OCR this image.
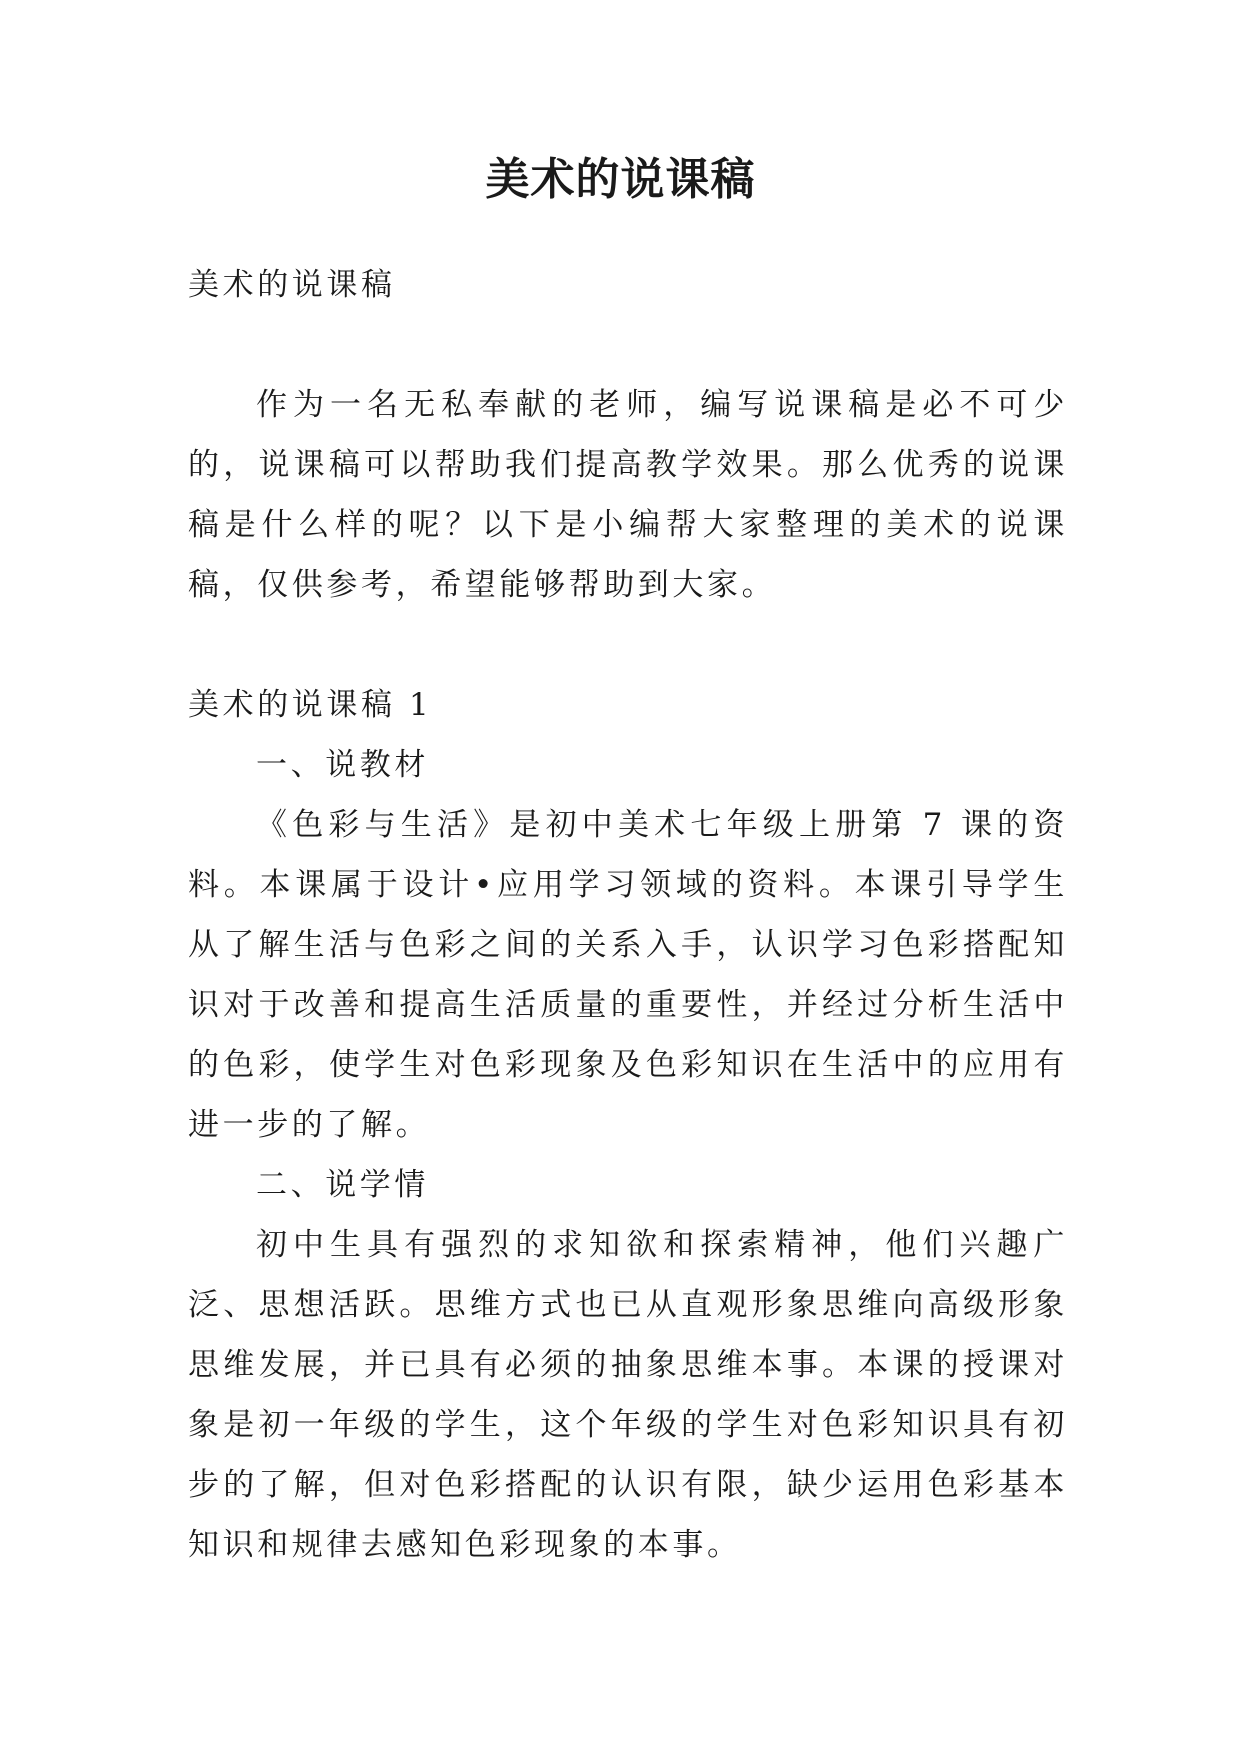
美术的说课稿

美术的说课稿

作为一名无私奉献的老师，编写说课稿是必不可少的，说课稿可以帮助我们提高教学效果。那么优秀的说课稿是什么样的呢？以下是小编帮大家整理的美术的说课稿，仅供参考，希望能够帮助到大家。

美术的说课稿 1

一、说教材

《色彩与生活》是初中美术七年级上册第 7 课的资料。本课属于设计•应用学习领域的资料。本课引导学生从了解生活与色彩之间的关系入手，认识学习色彩搭配知识对于改善和提高生活质量的重要性，并经过分析生活中的色彩，使学生对色彩现象及色彩知识在生活中的应用有进一步的了解。

二、说学情

初中生具有强烈的求知欲和探索精神，他们兴趣广泛、思想活跃。思维方式也已从直观形象思维向高级形象思维发展，并已具有必须的抽象思维本事。本课的授课对象是初一年级的学生，这个年级的学生对色彩知识具有初步的了解，但对色彩搭配的认识有限，缺少运用色彩基本知识和规律去感知色彩现象的本事。
